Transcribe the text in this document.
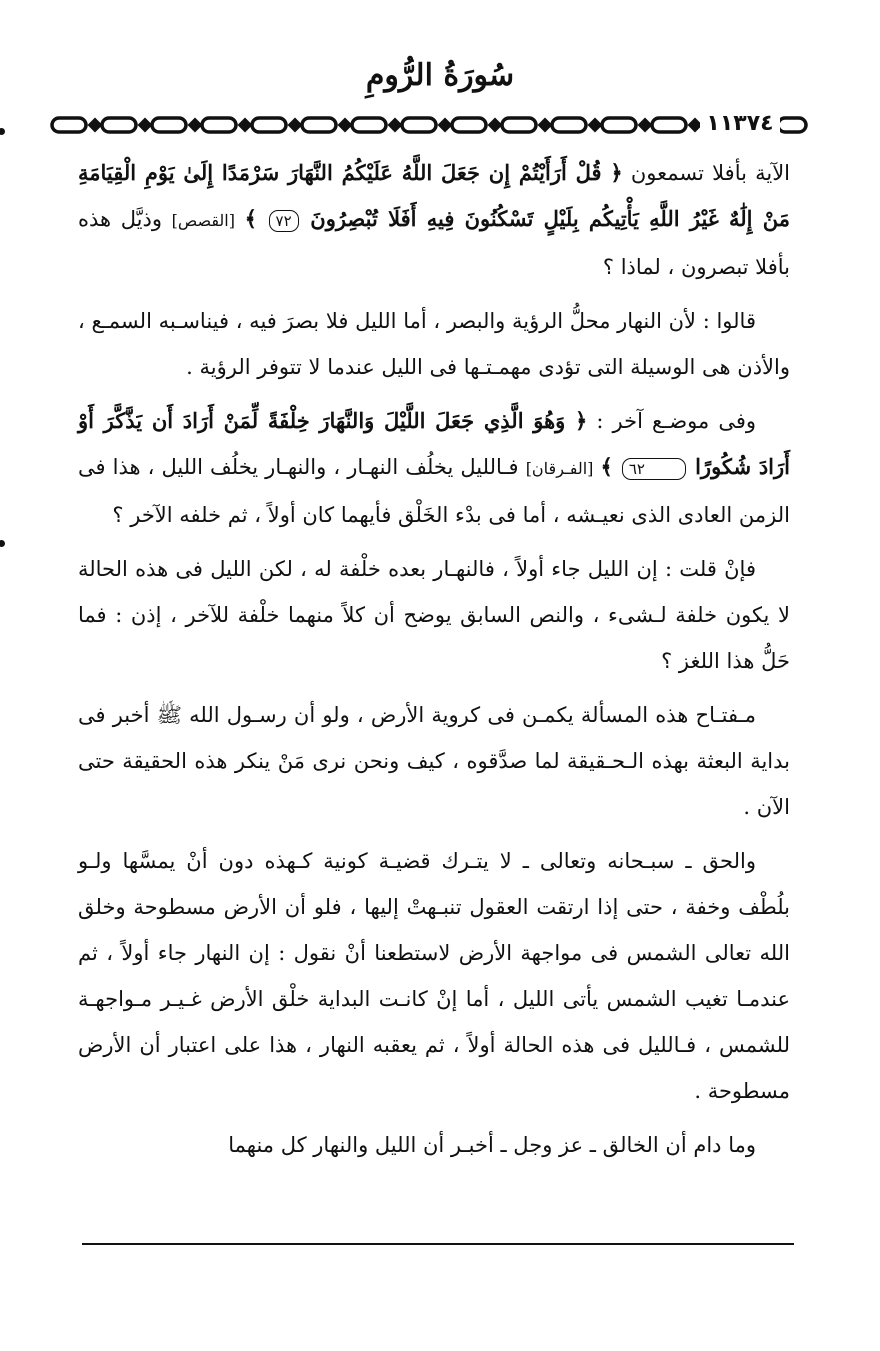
سُورَةُ الرُّومِ
١١٣٧٤

الآية بأفلا تسمعون ﴿ قُلْ أَرَأَيْتُمْ إِن جَعَلَ اللَّهُ عَلَيْكُمُ النَّهَارَ سَرْمَدًا إِلَىٰ يَوْمِ الْقِيَامَةِ مَنْ إِلَٰهٌ غَيْرُ اللَّهِ يَأْتِيكُم بِلَيْلٍ تَسْكُنُونَ فِيهِ أَفَلَا تُبْصِرُونَ ٧٢ ﴾ [القصص] وذيَّل هذه بأفلا تبصرون ، لماذا ؟

قالوا : لأن النهار محلُّ الرؤية والبصر ، أما الليل فلا بصرَ فيه ، فيناسـبه السمـع ، والأذن هى الوسيلة التى تؤدى مهمـتـها فى الليل عندما لا تتوفر الرؤية .

وفى موضـع آخر : ﴿ وَهُوَ الَّذِي جَعَلَ اللَّيْلَ وَالنَّهَارَ خِلْفَةً لِّمَنْ أَرَادَ أَن يَذَّكَّرَ أَوْ أَرَادَ شُكُورًا ٦٢ ﴾ [الفـرقان] فـالليل يخلُف النهـار ، والنهـار يخلُف الليل ، هذا فى الزمن العادى الذى نعيـشه ، أما فى بدْء الخَلْق فأيهما كان أولاً ، ثم خلفه الآخر ؟

فإنْ قلت : إن الليل جاء أولاً ، فالنهـار بعده خلْفة له ، لكن الليل فى هذه الحالة لا يكون خلفة لـشىء ، والنص السابق يوضح أن كلاً منهما خلْفة للآخر ، إذن : فما حَلُّ هذا اللغز ؟

مـفتـاح هذه المسألة يكمـن فى كروية الأرض ، ولو أن رسـول الله ﷺ أخبر فى بداية البعثة بهذه الـحـقيقة لما صدَّقوه ، كيف ونحن نرى مَنْ ينكر هذه الحقيقة حتى الآن .

والحق ـ سبـحانه وتعالى ـ لا يتـرك قضيـة كونية كـهذه دون أنْ يمسَّها ولـو بلُطْف وخفة ، حتى إذا ارتقت العقول تنبـهتْ إليها ، فلو أن الأرض مسطوحة وخلق الله تعالى الشمس فى مواجهة الأرض لاستطعنا أنْ نقول : إن النهار جاء أولاً ، ثم عندمـا تغيب الشمس يأتى الليل ، أما إنْ كانـت البداية خلْق الأرض غـيـر مـواجهـة للشمس ، فـالليل فى هذه الحالة أولاً ، ثم يعقبه النهار ، هذا على اعتبار أن الأرض مسطوحة .

وما دام أن الخالق ـ عز وجل ـ أخبـر أن الليل والنهار كل منهما
